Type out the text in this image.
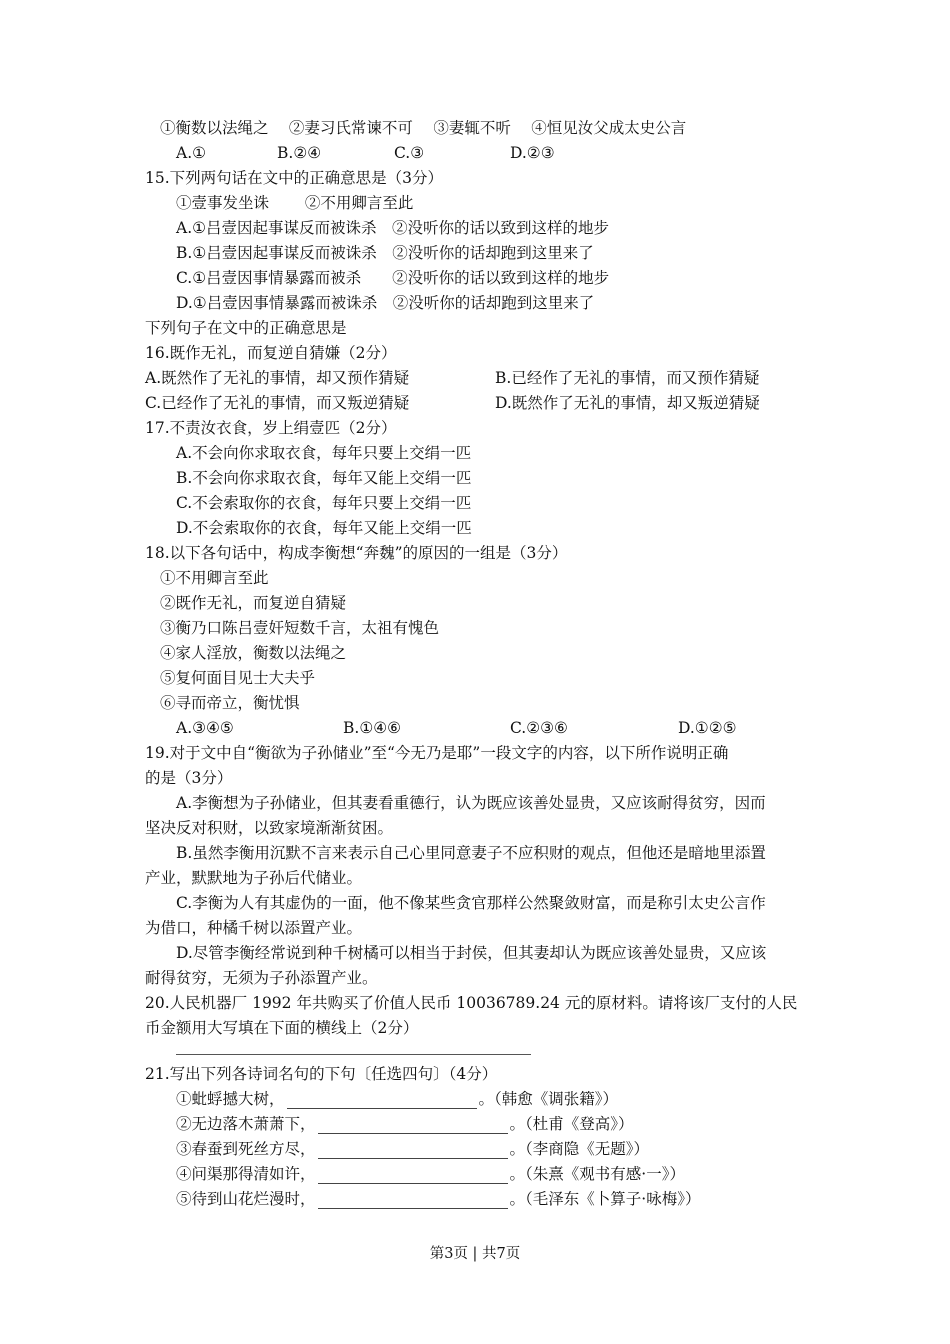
①衡数以法绳之　 ②妻习氏常谏不可　 ③妻辄不听　 ④恒见汝父成太史公言
A.①	B.②④	C.③	D.②③
15.下列两句话在文中的正确意思是（3分）
①壹事发坐诛　　 ②不用卿言至此
A.①吕壹因起事谋反而被诛杀　②没听你的话以致到这样的地步
B.①吕壹因起事谋反而被诛杀　②没听你的话却跑到这里来了
C.①吕壹因事情暴露而被杀　　②没听你的话以致到这样的地步
D.①吕壹因事情暴露而被诛杀　②没听你的话却跑到这里来了
下列句子在文中的正确意思是
16.既作无礼，而复逆自猜嫌（2分）
A.既然作了无礼的事情，却又预作猜疑	B.已经作了无礼的事情，而又预作猜疑
C.已经作了无礼的事情，而又叛逆猜疑	D.既然作了无礼的事情，却又叛逆猜疑
17.不责汝衣食，岁上绢壹匹（2分）
A.不会向你求取衣食，每年只要上交绢一匹
B.不会向你求取衣食，每年又能上交绢一匹
C.不会索取你的衣食，每年只要上交绢一匹
D.不会索取你的衣食，每年又能上交绢一匹
18.以下各句话中，构成李衡想“奔魏”的原因的一组是（3分）
①不用卿言至此
②既作无礼，而复逆自猜疑
③衡乃口陈吕壹奸短数千言，太祖有愧色
④家人淫放，衡数以法绳之
⑤复何面目见士大夫乎
⑥寻而帝立，衡忧惧
A.③④⑤	B.①④⑥	C.②③⑥	D.①②⑤
19.对于文中自“衡欲为子孙储业”至“今无乃是耶”一段文字的内容，以下所作说明正确
的是（3分）
A.李衡想为子孙储业，但其妻看重德行，认为既应该善处显贵，又应该耐得贫穷，因而
坚决反对积财，以致家境渐渐贫困。
B.虽然李衡用沉默不言来表示自己心里同意妻子不应积财的观点，但他还是暗地里添置
产业，默默地为子孙后代储业。
C.李衡为人有其虚伪的一面，他不像某些贪官那样公然聚敛财富，而是称引太史公言作
为借口，种橘千树以添置产业。
D.尽管李衡经常说到种千树橘可以相当于封侯，但其妻却认为既应该善处显贵，又应该
耐得贫穷，无须为子孙添置产业。
20.人民机器厂 1992 年共购买了价值人民币 10036789.24 元的原材料。请将该厂支付的人民
币金额用大写填在下面的横线上（2分）
21.写出下列各诗词名句的下句〔任选四句〕（4分）
①蚍蜉撼大树，	。（韩愈《调张籍》）
②无边落木萧萧下，	。（杜甫《登高》）
③春蚕到死丝方尽，	。（李商隐《无题》）
④问渠那得清如许，	。（朱熹《观书有感·一》）
⑤待到山花烂漫时，	。（毛泽东《卜算子·咏梅》）
第3页 | 共7页
